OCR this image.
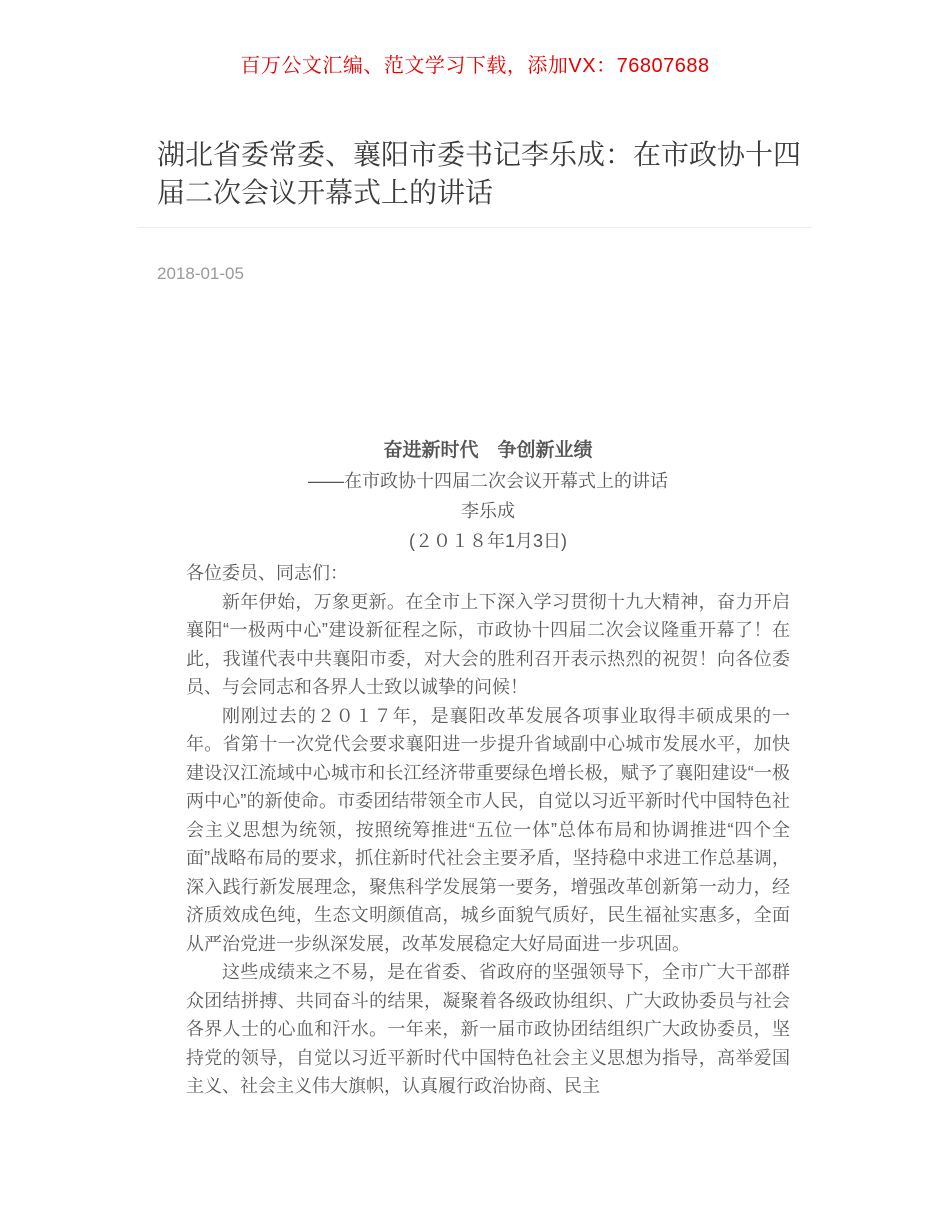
百万公文汇编、范文学习下载，添加VX：76807688
湖北省委常委、襄阳市委书记李乐成：在市政协十四届二次会议开幕式上的讲话
2018-01-05

奋进新时代　争创新业绩

——在市政协十四届二次会议开幕式上的讲话

李乐成

(２０１８年1月3日)

各位委员、同志们：

新年伊始，万象更新。在全市上下深入学习贯彻十九大精神，奋力开启襄阳“一极两中心”建设新征程之际，市政协十四届二次会议隆重开幕了！在此，我谨代表中共襄阳市委，对大会的胜利召开表示热烈的祝贺！向各位委员、与会同志和各界人士致以诚挚的问候！

刚刚过去的２０１７年，是襄阳改革发展各项事业取得丰硕成果的一年。省第十一次党代会要求襄阳进一步提升省域副中心城市发展水平，加快建设汉江流域中心城市和长江经济带重要绿色增长极，赋予了襄阳建设“一极两中心”的新使命。市委团结带领全市人民，自觉以习近平新时代中国特色社会主义思想为统领，按照统筹推进“五位一体”总体布局和协调推进“四个全面”战略布局的要求，抓住新时代社会主要矛盾，坚持稳中求进工作总基调，深入践行新发展理念，聚焦科学发展第一要务，增强改革创新第一动力，经济质效成色纯，生态文明颜值高，城乡面貌气质好，民生福祉实惠多，全面从严治党进一步纵深发展，改革发展稳定大好局面进一步巩固。

这些成绩来之不易，是在省委、省政府的坚强领导下，全市广大干部群众团结拼搏、共同奋斗的结果，凝聚着各级政协组织、广大政协委员与社会各界人士的心血和汗水。一年来，新一届市政协团结组织广大政协委员，坚持党的领导，自觉以习近平新时代中国特色社会主义思想为指导，高举爱国主义、社会主义伟大旗帜，认真履行政治协商、民主
